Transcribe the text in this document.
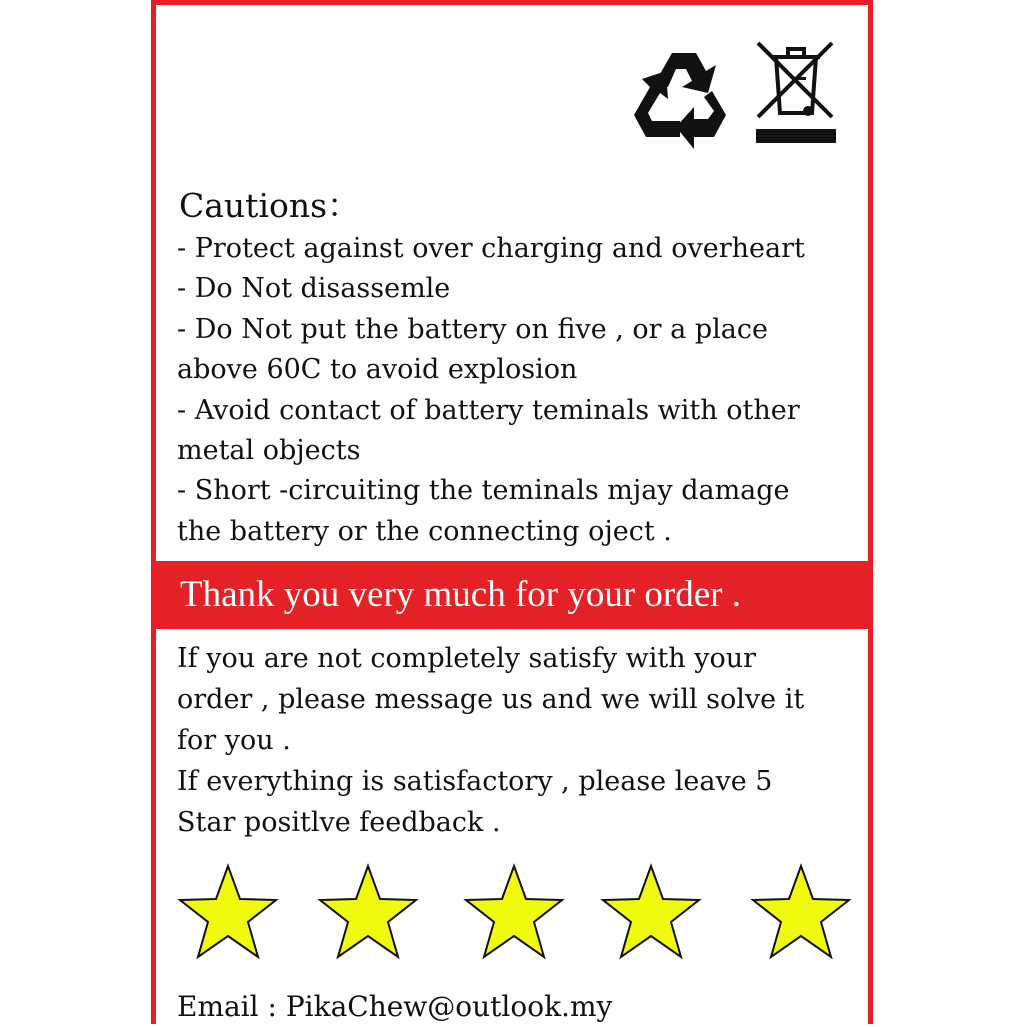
Cautions：
- Protect against over charging and overheart
- Do Not disassemle
- Do Not put the battery on five , or a place
above 60C to avoid explosion
- Avoid contact of battery teminals with other
metal objects
- Short -circuiting the teminals mjay damage
the battery or the connecting oject .
Thank you very much for your order .
If you are not completely satisfy with your
order , please message us and we will solve it
for you .
If everything is satisfactory , please leave 5
Star positlve feedback .
Email : PikaChew@outlook.my
